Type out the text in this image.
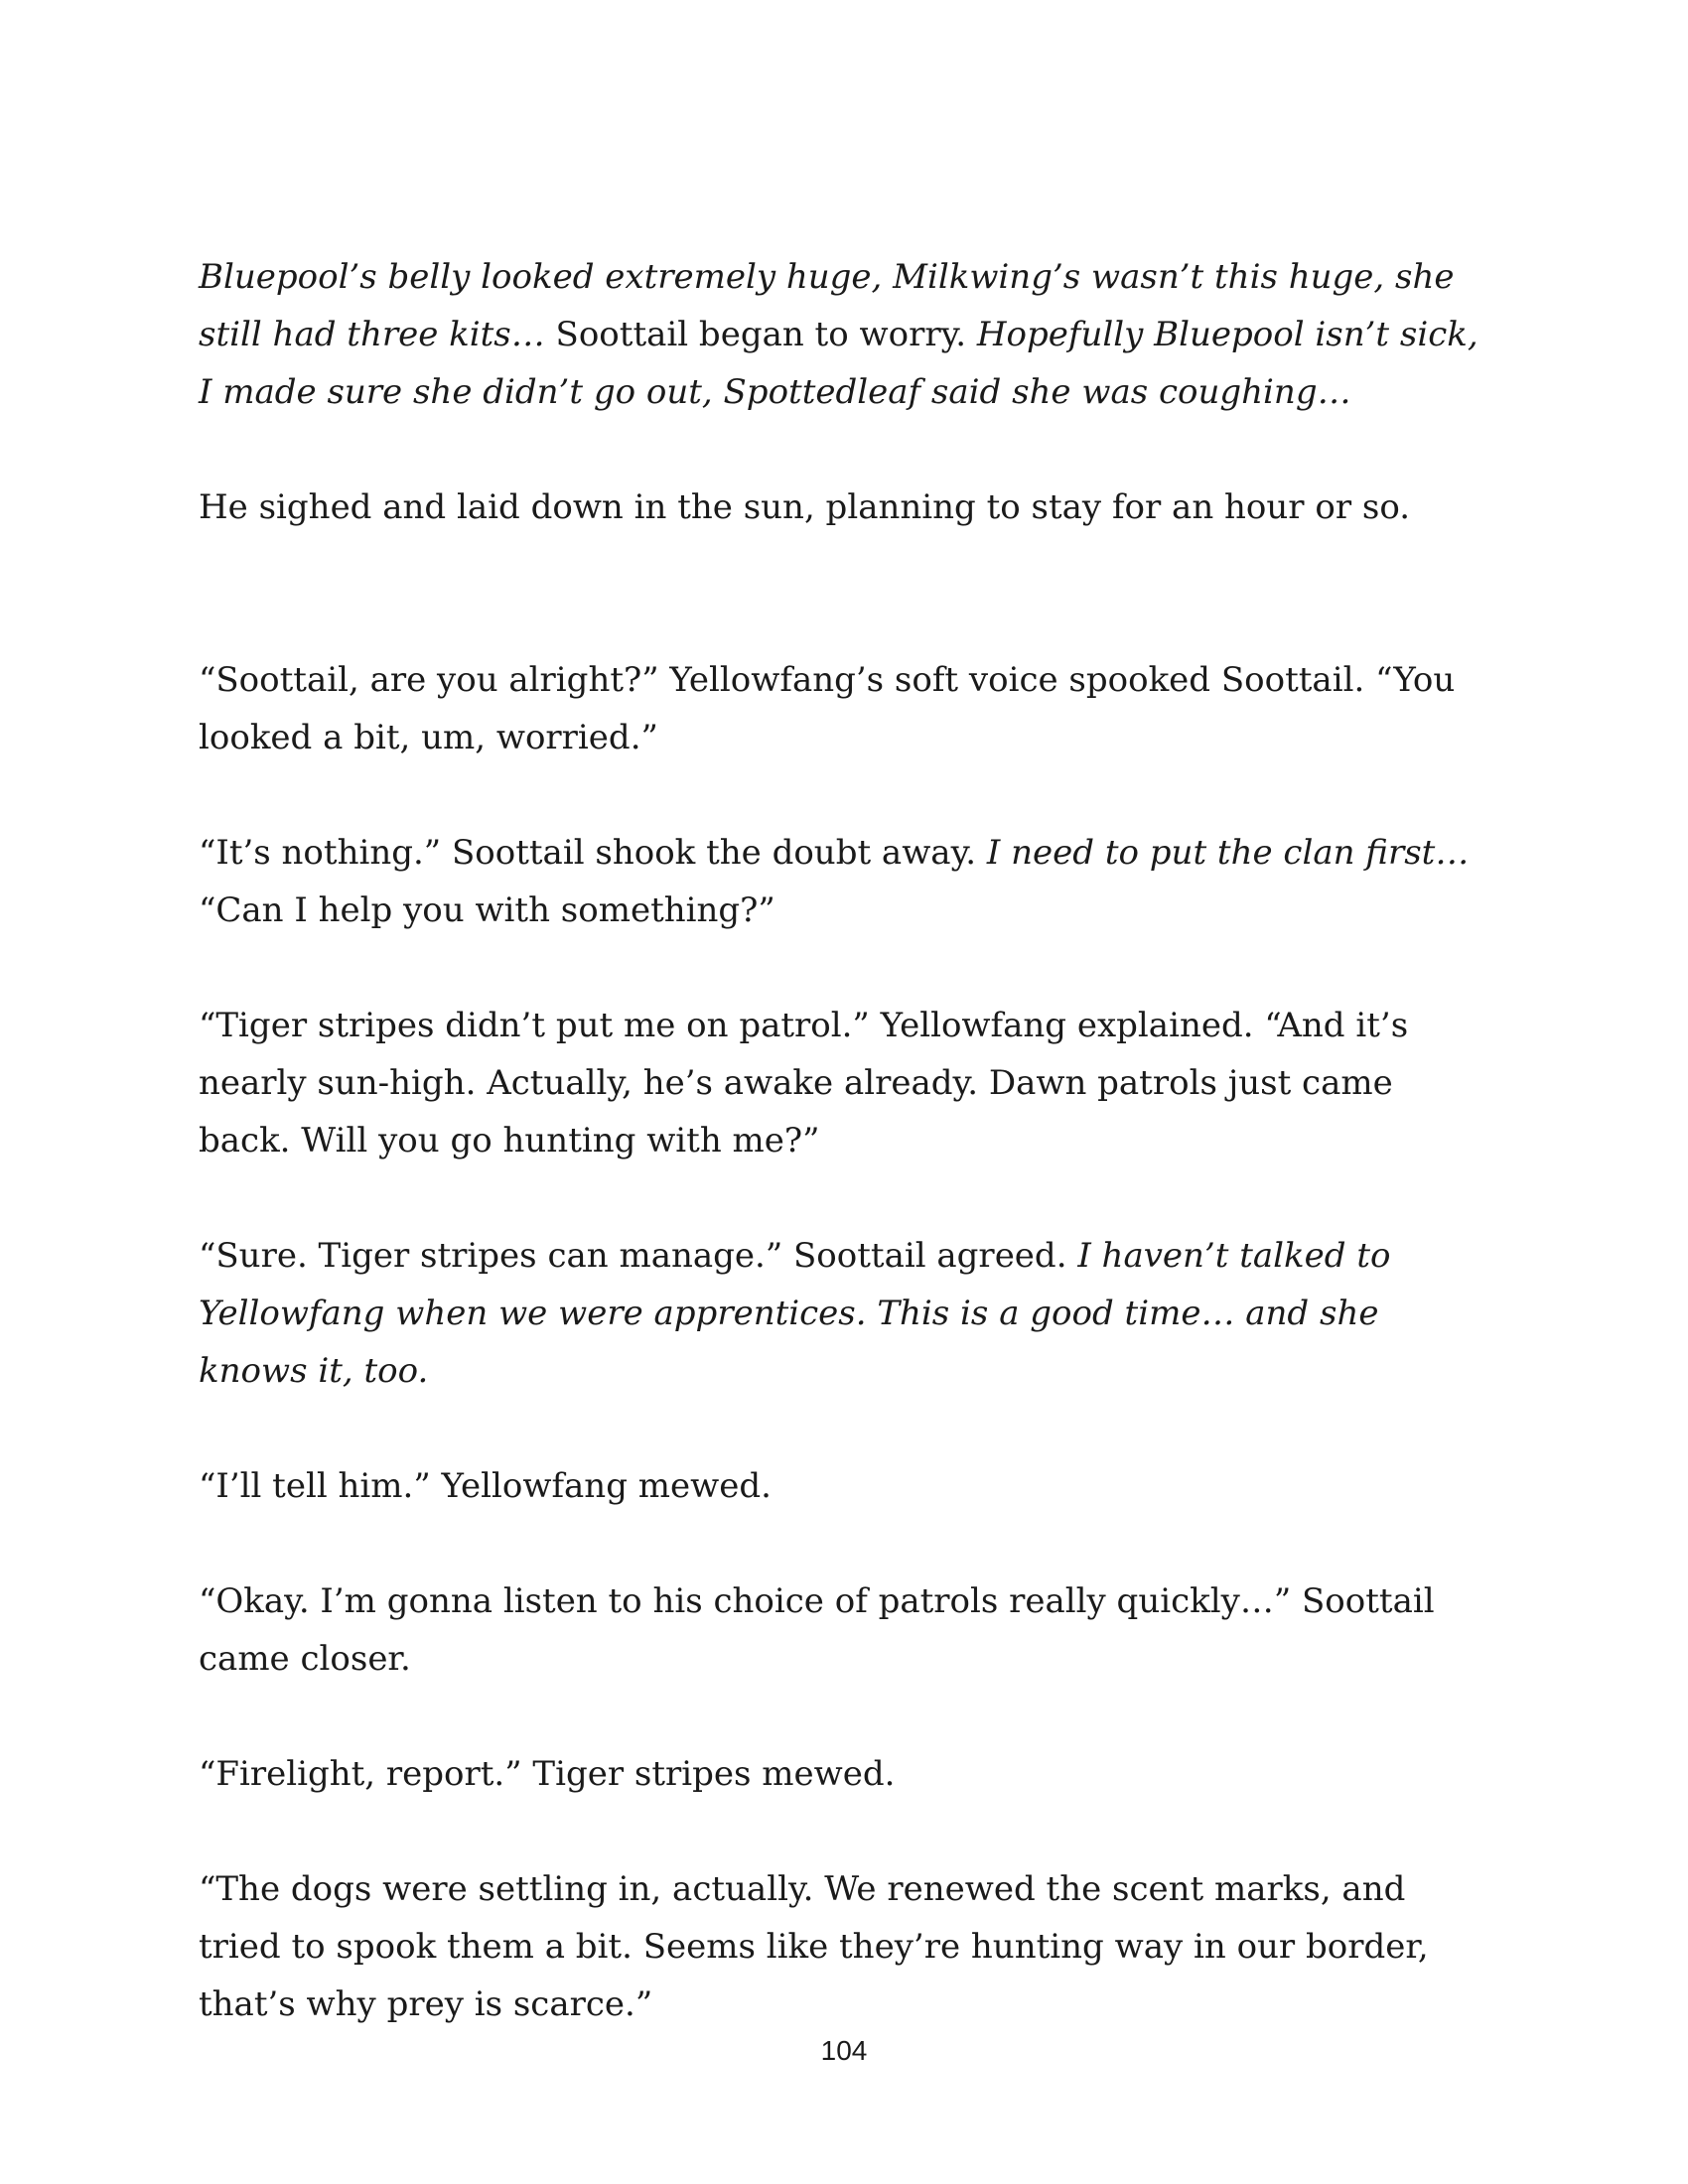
Bluepool’s belly looked extremely huge, Milkwing’s wasn’t this huge, she still had three kits… Soottail began to worry. Hopefully Bluepool isn’t sick, I made sure she didn’t go out, Spottedleaf said she was coughing…

He sighed and laid down in the sun, planning to stay for an hour or so.

“Soottail, are you alright?” Yellowfang’s soft voice spooked Soottail. “You looked a bit, um, worried.”

“It’s nothing.” Soottail shook the doubt away. I need to put the clan first… “Can I help you with something?”

“Tiger stripes didn’t put me on patrol.” Yellowfang explained. “And it’s nearly sun-high. Actually, he’s awake already. Dawn patrols just came back. Will you go hunting with me?”

“Sure. Tiger stripes can manage.” Soottail agreed. I haven’t talked to Yellowfang when we were apprentices. This is a good time… and she knows it, too.

“I’ll tell him.” Yellowfang mewed.

“Okay. I’m gonna listen to his choice of patrols really quickly…” Soottail came closer.

“Firelight, report.” Tiger stripes mewed.

“The dogs were settling in, actually. We renewed the scent marks, and tried to spook them a bit. Seems like they’re hunting way in our border, that’s why prey is scarce.”

104
